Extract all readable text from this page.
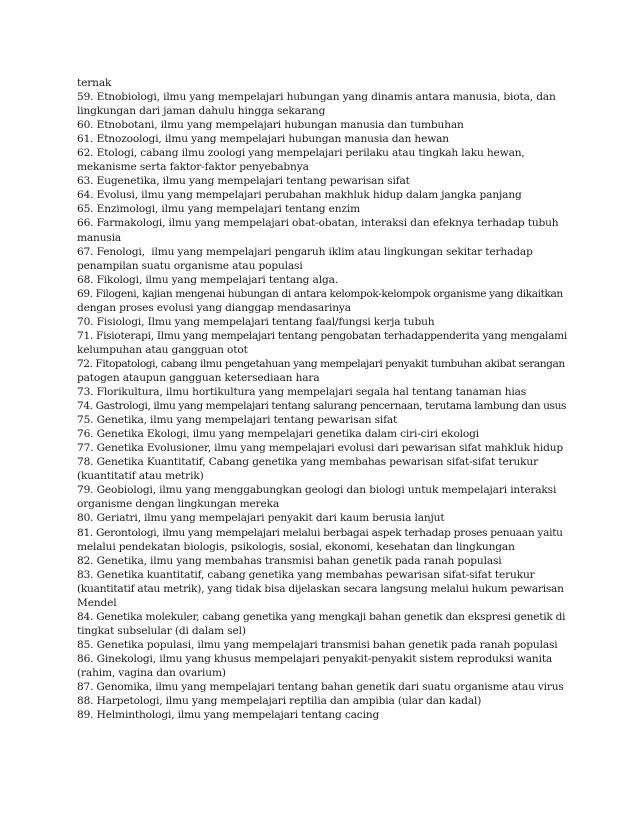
ternak
59. Etnobiologi, ilmu yang mempelajari hubungan yang dinamis antara manusia, biota, dan
lingkungan dari jaman dahulu hingga sekarang
60. Etnobotani, ilmu yang mempelajari hubungan manusia dan tumbuhan
61. Etnozoologi, ilmu yang mempelajari hubungan manusia dan hewan
62. Etologi, cabang ilmu zoologi yang mempelajari perilaku atau tingkah laku hewan,
mekanisme serta faktor-faktor penyebabnya
63. Eugenetika, ilmu yang mempelajari tentang pewarisan sifat
64. Evolusi, ilmu yang mempelajari perubahan makhluk hidup dalam jangka panjang
65. Enzimologi, ilmu yang mempelajari tentang enzim
66. Farmakologi, ilmu yang mempelajari obat-obatan, interaksi dan efeknya terhadap tubuh
manusia
67. Fenologi,  ilmu yang mempelajari pengaruh iklim atau lingkungan sekitar terhadap
penampilan suatu organisme atau populasi
68. Fikologi, ilmu yang mempelajari tentang alga.
69. Filogeni, kajian mengenai hubungan di antara kelompok-kelompok organisme yang dikaitkan
dengan proses evolusi yang dianggap mendasarinya
70. Fisiologi, Ilmu yang mempelajari tentang faal/fungsi kerja tubuh
71. Fisioterapi, Ilmu yang mempelajari tentang pengobatan terhadappenderita yang mengalami
kelumpuhan atau gangguan otot
72. Fitopatologi, cabang ilmu pengetahuan yang mempelajari penyakit tumbuhan akibat serangan
patogen ataupun gangguan ketersediaan hara
73. Florikultura, ilmu hortikultura yang mempelajari segala hal tentang tanaman hias
74. Gastrologi, ilmu yang mempelajari tentang salurang pencernaan, terutama lambung dan usus
75. Genetika, ilmu yang mempelajari tentang pewarisan sifat
76. Genetika Ekologi, ilmu yang mempelajari genetika dalam ciri-ciri ekologi
77. Genetika Evolusioner, ilmu yang mempelajari evolusi dari pewarisan sifat mahkluk hidup
78. Genetika Kuantitatif, Cabang genetika yang membahas pewarisan sifat-sifat terukur
(kuantitatif atau metrik)
79. Geobiologi, ilmu yang menggabungkan geologi dan biologi untuk mempelajari interaksi
organisme dengan lingkungan mereka
80. Geriatri, ilmu yang mempelajari penyakit dari kaum berusia lanjut
81. Gerontologi, ilmu yang mempelajari melalui berbagai aspek terhadap proses penuaan yaitu
melalui pendekatan biologis, psikologis, sosial, ekonomi, kesehatan dan lingkungan
82. Genetika, ilmu yang membahas transmisi bahan genetik pada ranah populasi
83. Genetika kuantitatif, cabang genetika yang membahas pewarisan sifat-sifat terukur
(kuantitatif atau metrik), yang tidak bisa dijelaskan secara langsung melalui hukum pewarisan
Mendel
84. Genetika molekuler, cabang genetika yang mengkaji bahan genetik dan ekspresi genetik di
tingkat subselular (di dalam sel)
85. Genetika populasi, ilmu yang mempelajari transmisi bahan genetik pada ranah populasi
86. Ginekologi, ilmu yang khusus mempelajari penyakit-penyakit sistem reproduksi wanita
(rahim, vagina dan ovarium)
87. Genomika, ilmu yang mempelajari tentang bahan genetik dari suatu organisme atau virus
88. Harpetologi, ilmu yang mempelajari reptilia dan ampibia (ular dan kadal)
89. Helminthologi, ilmu yang mempelajari tentang cacing
